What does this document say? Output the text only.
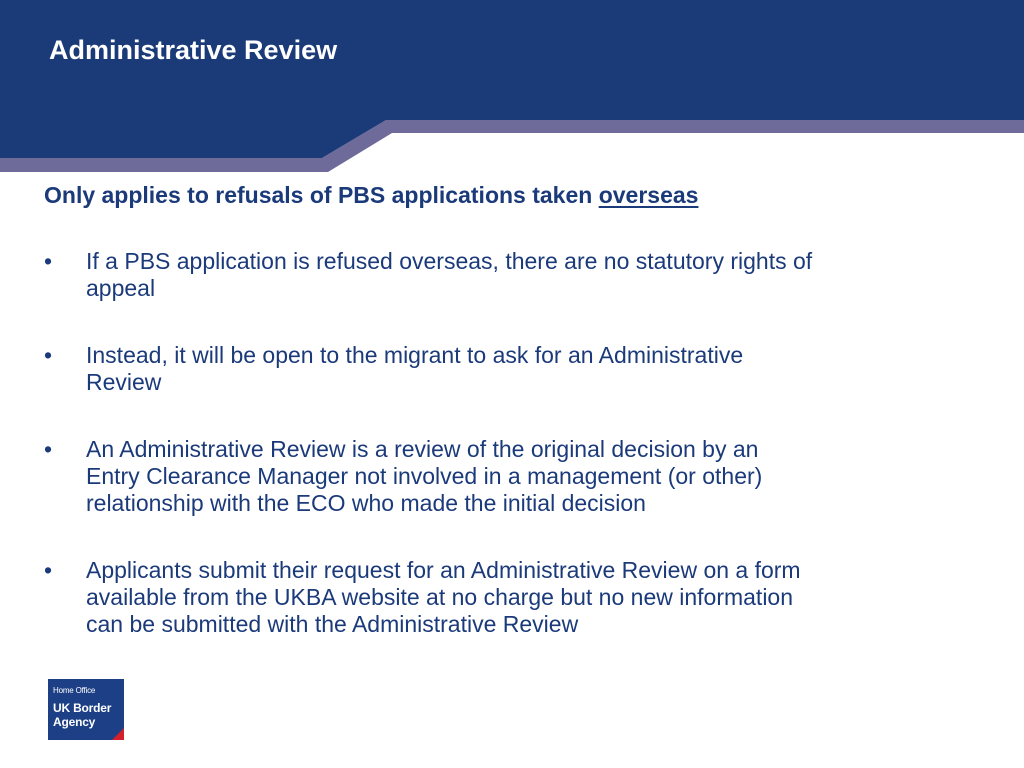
Administrative Review
Only applies to refusals of PBS applications taken overseas
• If a PBS application is refused overseas, there are no statutory rights of
appeal
• Instead, it will be open to the migrant to ask for an Administrative
Review
• An Administrative Review is a review of the original decision by an
Entry Clearance Manager not involved in a management (or other)
relationship with the ECO who made the initial decision
• Applicants submit their request for an Administrative Review on a form
available from the UKBA website at no charge but no new information
can be submitted with the Administrative Review
Home Office
UK Border
Agency
